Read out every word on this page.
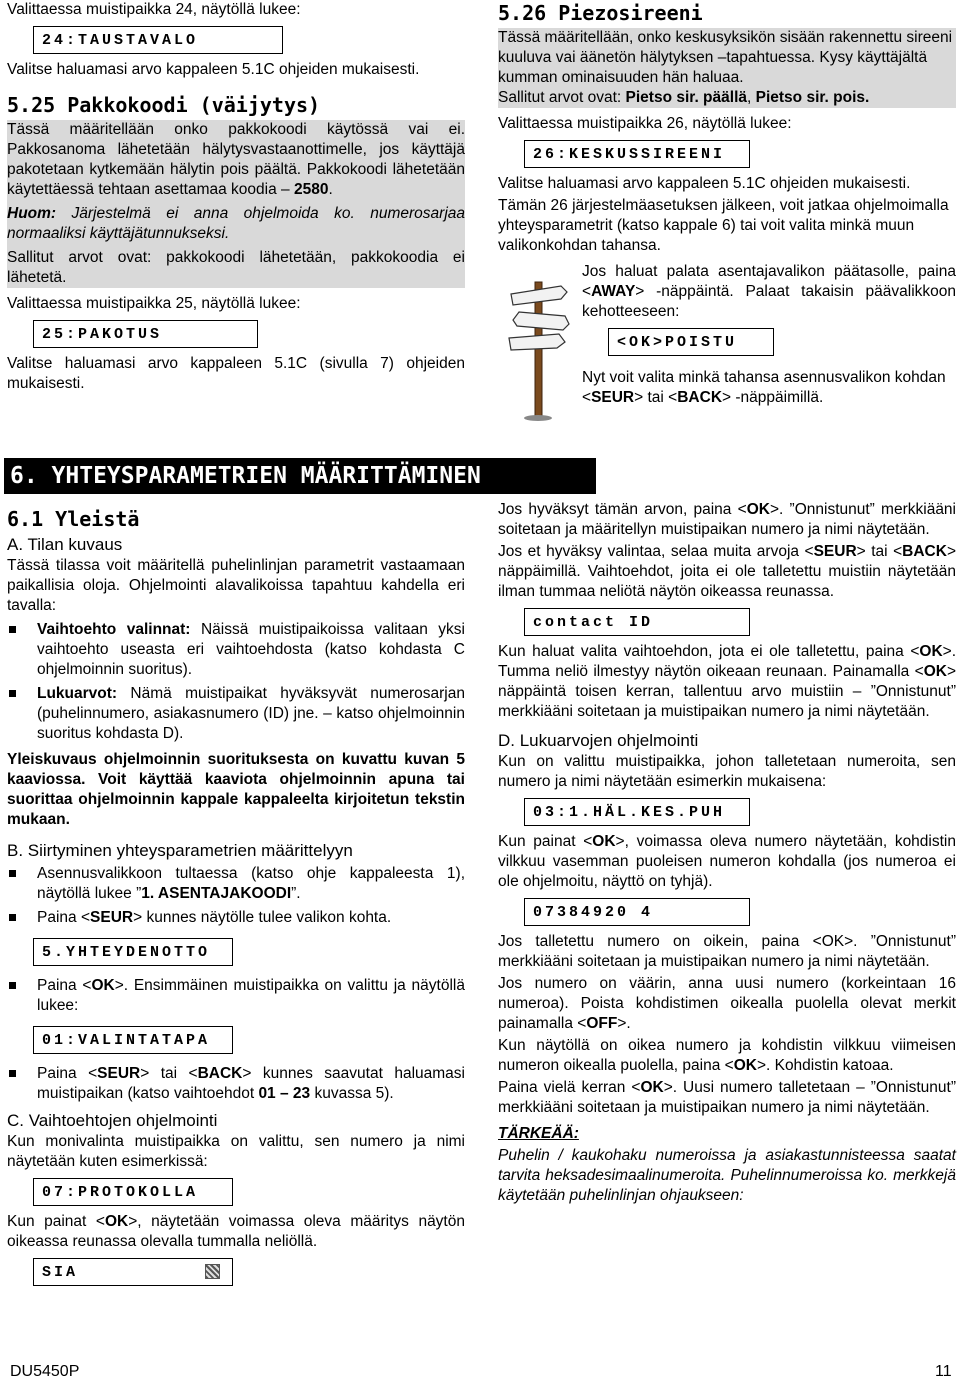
Valittaessa muistipaikka 24, näytöllä lukee:

24:TAUSTAVALO

Valitse haluamasi arvo kappaleen 5.1C ohjeiden mukaisesti.

5.25 Pakkokoodi (väijytys)

Tässä määritellään onko pakkokoodi käytössä vai ei. Pakkosanoma lähetetään hälytysvastaanottimelle, jos käyttäjä pakotetaan kytkemään hälytin pois päältä. Pakkokoodi lähetetään käytettäessä tehtaan asettamaa koodia – 2580.

Huom: Järjestelmä ei anna ohjelmoida ko. numerosarjaa normaaliksi käyttäjätunnukseksi.

Sallitut arvot ovat: pakkokoodi lähetetään, pakkokoodia ei lähetetä.

Valittaessa muistipaikka 25, näytöllä lukee:

25:PAKOTUS

Valitse haluamasi arvo kappaleen 5.1C (sivulla 7) ohjeiden mukaisesti.

5.26 Piezosireeni

Tässä määritellään, onko keskusyksikön sisään rakennettu sireeni kuuluva vai äänetön hälytyksen –tapahtuessa. Kysy käyttäjältä kumman ominaisuuden hän haluaa.

Sallitut arvot ovat: Pietso sir. päällä, Pietso sir. pois.

Valittaessa muistipaikka 26, näytöllä lukee:

26:KESKUSSIREENI

Valitse haluamasi arvo kappaleen 5.1C ohjeiden mukaisesti.

Tämän 26 järjestelmäasetuksen jälkeen, voit jatkaa ohjelmoimalla yhteysparametrit (katso kappale 6) tai voit valita minkä muun valikonkohdan tahansa.

Jos haluat palata asentajavalikon päätasolle, paina <AWAY> -näppäintä. Palaat takaisin päävalikkoon kehotteeseen:

<OK>POISTU

Nyt voit valita minkä tahansa asennusvalikon kohdan <SEUR> tai <BACK> -näppäimillä.

6. YHTEYSPARAMETRIEN MÄÄRITTÄMINEN
6.1 Yleistä
A. Tilan kuvaus

Tässä tilassa voit määritellä puhelinlinjan parametrit vastaamaan paikallisia oloja. Ohjelmointi alavalikoissa tapahtuu kahdella eri tavalla:

Vaihtoehto valinnat: Näissä muistipaikoissa valitaan yksi vaihtoehto useasta eri vaihtoehdosta (katso kohdasta C ohjelmoinnin suoritus).
Lukuarvot: Nämä muistipaikat hyväksyvät numerosarjan (puhelinnumero, asiakasnumero (ID) jne. – katso ohjelmoinnin suoritus kohdasta D).

Yleiskuvaus ohjelmoinnin suorituksesta on kuvattu kuvan 5 kaaviossa. Voit käyttää kaaviota ohjelmoinnin apuna tai suorittaa ohjelmoinnin kappale kappaleelta kirjoitetun tekstin mukaan.

B. Siirtyminen yhteysparametrien määrittelyyn
Asennusvalikkoon tultaessa (katso ohje kappaleesta 1), näytöllä lukee ”1. ASENTAJAKOODI”.
Paina <SEUR> kunnes näytölle tulee valikon kohta.
5.YHTEYDENOTTO
Paina <OK>. Ensimmäinen muistipaikka on valittu ja näytöllä lukee:
01:VALINTATAPA
Paina <SEUR> tai <BACK> kunnes saavutat haluamasi muistipaikan (katso vaihtoehdot 01 – 23 kuvassa 5).
C. Vaihtoehtojen ohjelmointi

Kun monivalinta muistipaikka on valittu, sen numero ja nimi näytetään kuten esimerkissä:

07:PROTOKOLLA

Kun painat <OK>, näytetään voimassa oleva määritys näytön oikeassa reunassa olevalla tummalla neliöllä.

SIA

Jos hyväksyt tämän arvon, paina <OK>. ”Onnistunut” merkkiääni soitetaan ja määritellyn muistipaikan numero ja nimi näytetään.

Jos et hyväksy valintaa, selaa muita arvoja <SEUR> tai <BACK> näppäimillä. Vaihtoehdot, joita ei ole talletettu muistiin näytetään ilman tummaa neliötä näytön oikeassa reunassa.

contact ID

Kun haluat valita vaihtoehdon, jota ei ole talletettu, paina <OK>. Tumma neliö ilmestyy näytön oikeaan reunaan. Painamalla <OK> näppäintä toisen kerran, tallentuu arvo muistiin – ”Onnistunut” merkkiääni soitetaan ja muistipaikan numero ja nimi näytetään.

D. Lukuarvojen ohjelmointi

Kun on valittu muistipaikka, johon talletetaan numeroita, sen numero ja nimi näytetään esimerkin mukaisena:

03:1.HÄL.KES.PUH

Kun painat <OK>, voimassa oleva numero näytetään, kohdistin vilkkuu vasemman puoleisen numeron kohdalla (jos numeroa ei ole ohjelmoitu, näyttö on tyhjä).

07384920 4

Jos talletettu numero on oikein, paina <OK>. ”Onnistunut” merkkiääni soitetaan ja muistipaikan numero ja nimi näytetään.

Jos numero on väärin, anna uusi numero (korkeintaan 16 numeroa). Poista kohdistimen oikealla puolella olevat merkit painamalla <OFF>.

Kun näytöllä on oikea numero ja kohdistin vilkkuu viimeisen numeron oikealla puolella, paina <OK>. Kohdistin katoaa.

Paina vielä kerran <OK>. Uusi numero talletetaan – ”Onnistunut” merkkiääni soitetaan ja muistipaikan numero ja nimi näytetään.

TÄRKEÄÄ:

Puhelin / kaukohaku numeroissa ja asiakastunnisteessa saatat tarvita heksadesimaalinumeroita. Puhelinnumeroissa ko. merkkejä käytetään puhelinlinjan ohjaukseen:

DU5450P	11
